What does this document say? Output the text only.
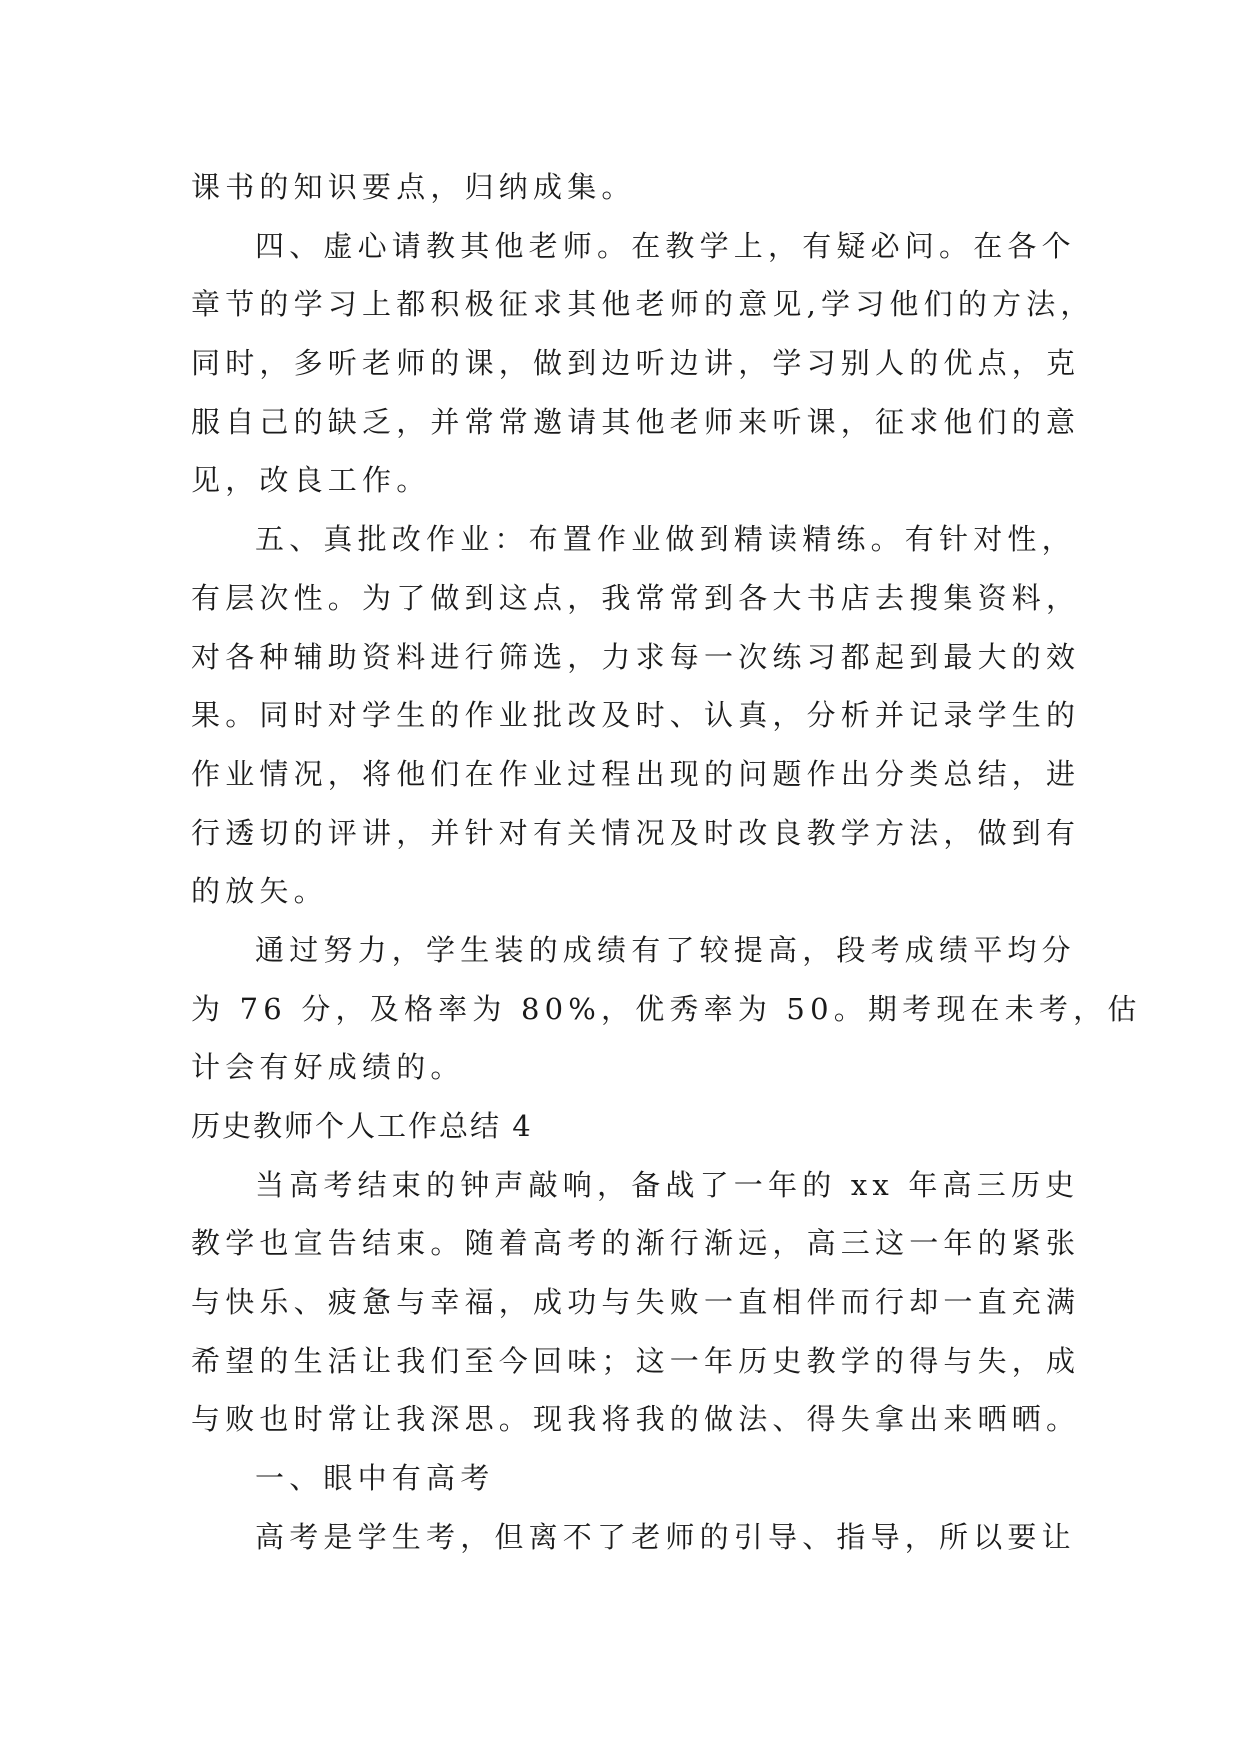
课书的知识要点，归纳成集。
四、虚心请教其他老师。在教学上，有疑必问。在各个
章节的学习上都积极征求其他老师的意见,学习他们的方法，
同时，多听老师的课，做到边听边讲，学习别人的优点，克
服自己的缺乏，并常常邀请其他老师来听课，征求他们的意
见，改良工作。
五、真批改作业：布置作业做到精读精练。有针对性，
有层次性。为了做到这点，我常常到各大书店去搜集资料，
对各种辅助资料进行筛选，力求每一次练习都起到最大的效
果。同时对学生的作业批改及时、认真，分析并记录学生的
作业情况，将他们在作业过程出现的问题作出分类总结，进
行透切的评讲，并针对有关情况及时改良教学方法，做到有
的放矢。
通过努力，学生装的成绩有了较提高，段考成绩平均分
为 76 分，及格率为 80%，优秀率为 50。期考现在未考，估
计会有好成绩的。
历史教师个人工作总结 4
当高考结束的钟声敲响，备战了一年的 xx 年高三历史
教学也宣告结束。随着高考的渐行渐远，高三这一年的紧张
与快乐、疲惫与幸福，成功与失败一直相伴而行却一直充满
希望的生活让我们至今回味；这一年历史教学的得与失，成
与败也时常让我深思。现我将我的做法、得失拿出来晒晒。
一、眼中有高考
高考是学生考，但离不了老师的引导、指导，所以要让
